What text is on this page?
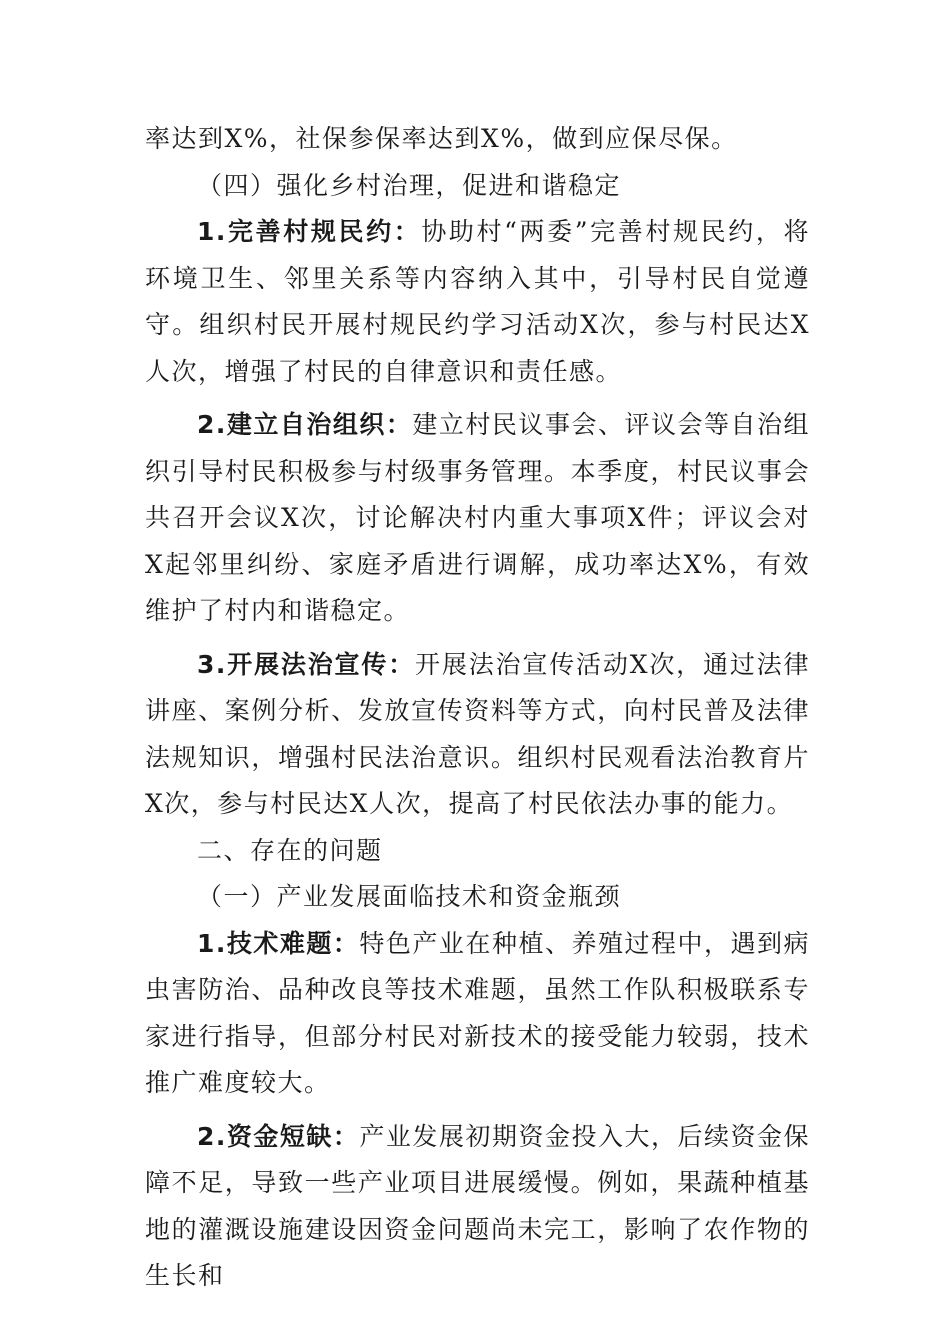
率达到X%，社保参保率达到X%，做到应保尽保。

（四）强化乡村治理，促进和谐稳定

1.完善村规民约：协助村“两委”完善村规民约，将环境卫生、邻里关系等内容纳入其中，引导村民自觉遵守。组织村民开展村规民约学习活动X次，参与村民达X人次，增强了村民的自律意识和责任感。

2.建立自治组织：建立村民议事会、评议会等自治组织引导村民积极参与村级事务管理。本季度，村民议事会共召开会议X次，讨论解决村内重大事项X件；评议会对X起邻里纠纷、家庭矛盾进行调解，成功率达X%，有效维护了村内和谐稳定。

3.开展法治宣传：开展法治宣传活动X次，通过法律讲座、案例分析、发放宣传资料等方式，向村民普及法律法规知识，增强村民法治意识。组织村民观看法治教育片X次，参与村民达X人次，提高了村民依法办事的能力。

二、存在的问题

（一）产业发展面临技术和资金瓶颈

1.技术难题：特色产业在种植、养殖过程中，遇到病虫害防治、品种改良等技术难题，虽然工作队积极联系专家进行指导，但部分村民对新技术的接受能力较弱，技术推广难度较大。

2.资金短缺：产业发展初期资金投入大，后续资金保障不足，导致一些产业项目进展缓慢。例如，果蔬种植基地的灌溉设施建设因资金问题尚未完工，影响了农作物的生长和
